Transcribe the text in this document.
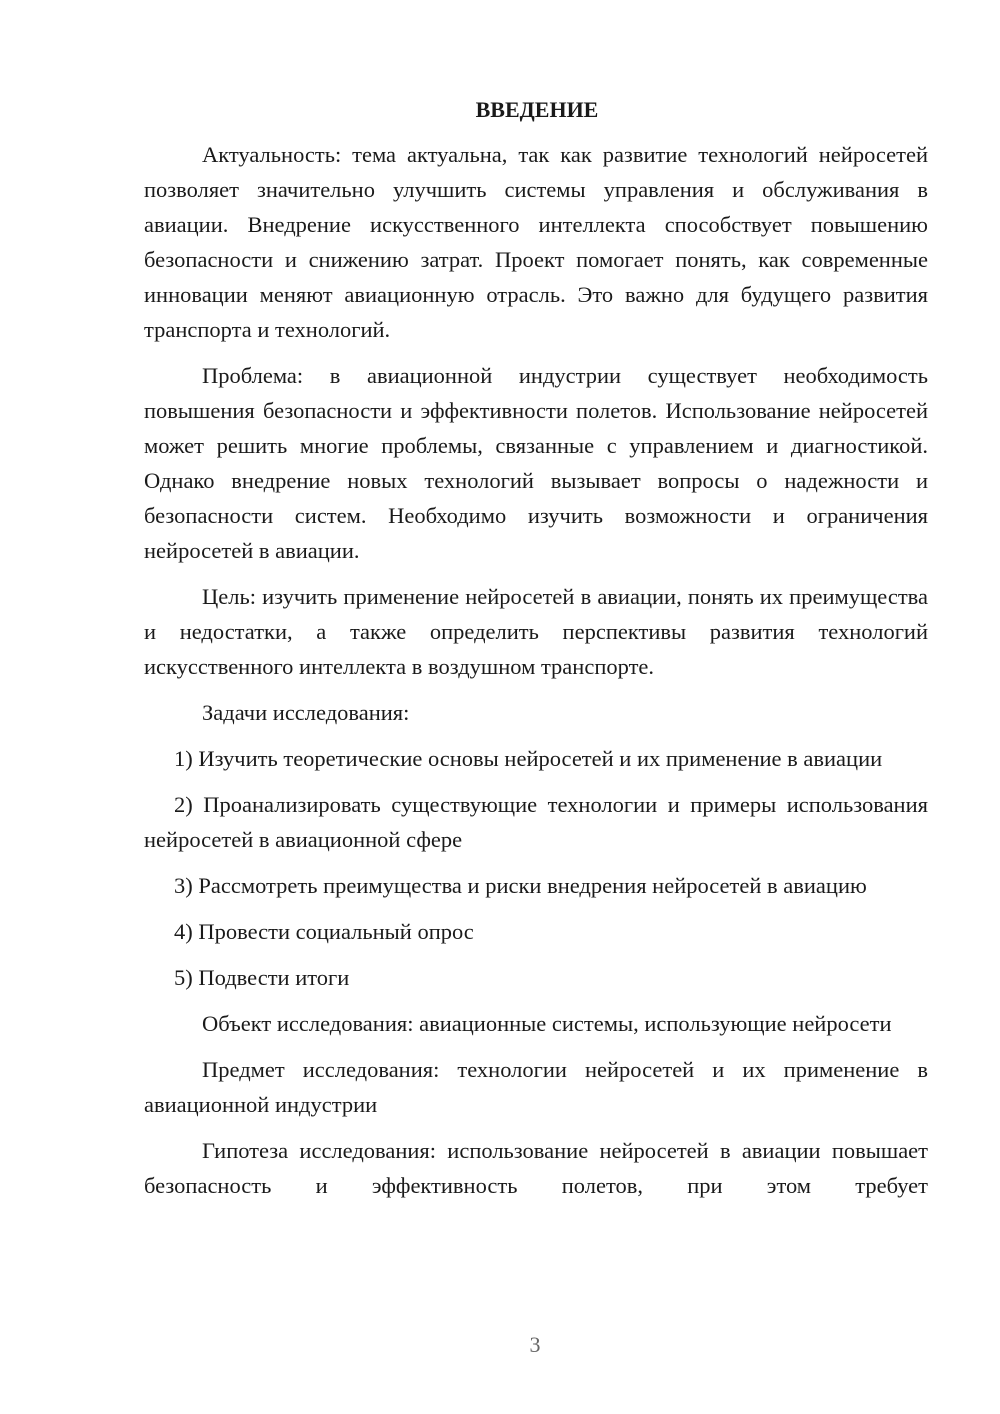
ВВЕДЕНИЕ

Актуальность: тема актуальна, так как развитие технологий нейросетей позволяет значительно улучшить системы управления и обслуживания в авиации. Внедрение искусственного интеллекта способствует повышению безопасности и снижению затрат. Проект помогает понять, как современные инновации меняют авиационную отрасль. Это важно для будущего развития транспорта и технологий.

Проблема: в авиационной индустрии существует необходимость повышения безопасности и эффективности полетов. Использование нейросетей может решить многие проблемы, связанные с управлением и диагностикой. Однако внедрение новых технологий вызывает вопросы о надежности и безопасности систем. Необходимо изучить возможности и ограничения нейросетей в авиации.

Цель: изучить применение нейросетей в авиации, понять их преимущества и недостатки, а также определить перспективы развития технологий искусственного интеллекта в воздушном транспорте.

Задачи исследования:

1) Изучить теоретические основы нейросетей и их применение в авиации

2) Проанализировать существующие технологии и примеры использования нейросетей в авиационной сфере

3) Рассмотреть преимущества и риски внедрения нейросетей в авиацию

4) Провести социальный опрос

5) Подвести итоги

Объект исследования: авиационные системы, использующие нейросети

Предмет исследования: технологии нейросетей и их применение в авиационной индустрии

Гипотеза исследования: использование нейросетей в авиации повышает безопасность и эффективность полетов, при этом требует

3
